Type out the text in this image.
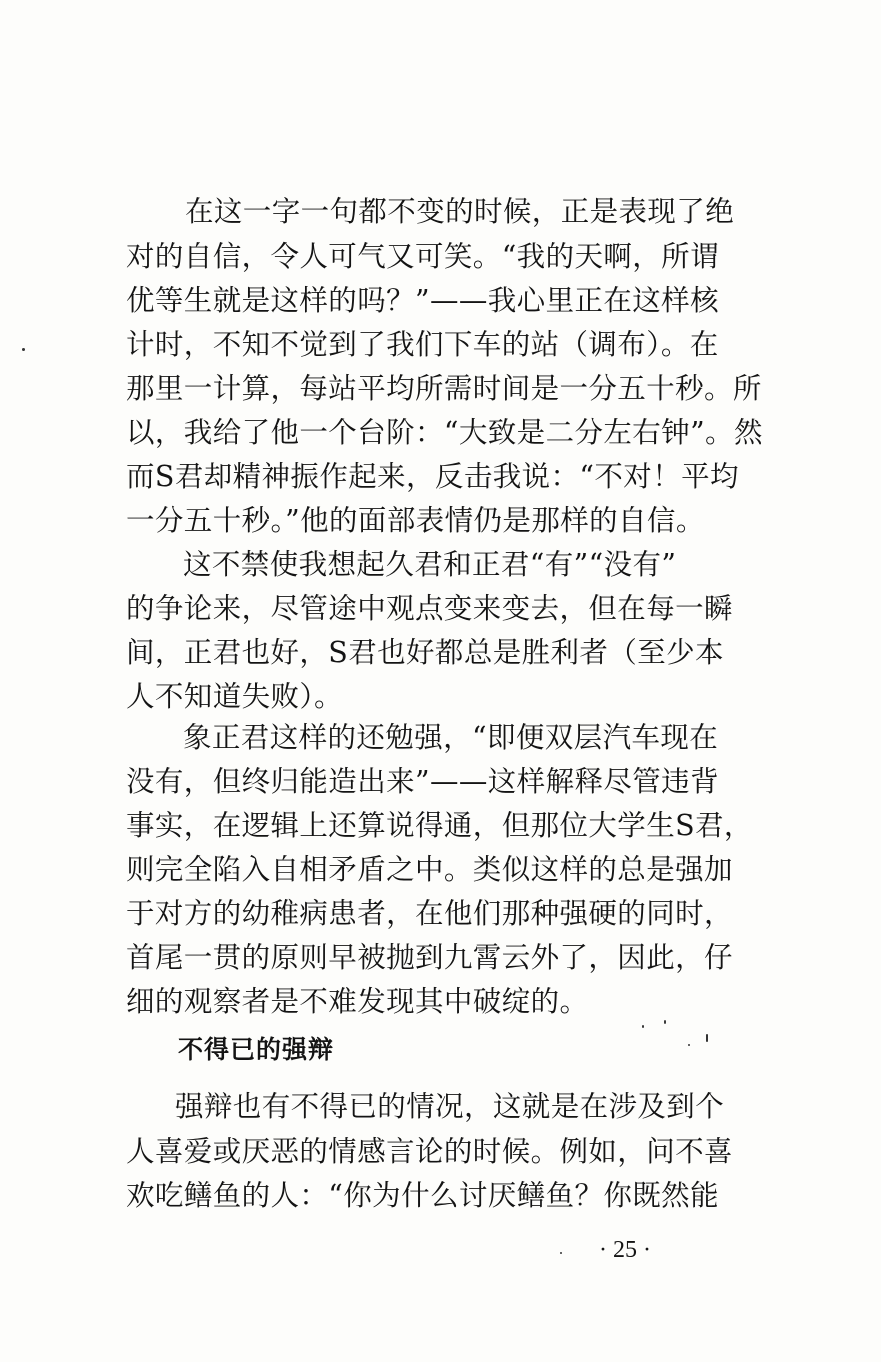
在这一字一句都不变的时候，正是表现了绝
对的自信，令人可气又可笑。“我的天啊，所谓
优等生就是这样的吗？”——我心里正在这样核
计时，不知不觉到了我们下车的站（调布）。在
那里一计算，每站平均所需时间是一分五十秒。所
以，我给了他一个台阶：“大致是二分左右钟”。然
而S君却精神振作起来，反击我说：“不对！平均
一分五十秒。”他的面部表情仍是那样的自信。
这不禁使我想起久君和正君“有”“没有”
的争论来，尽管途中观点变来变去，但在每一瞬
间，正君也好，S君也好都总是胜利者（至少本
人不知道失败）。
象正君这样的还勉强，“即便双层汽车现在
没有，但终归能造出来”——这样解释尽管违背
事实，在逻辑上还算说得通，但那位大学生S君，
则完全陷入自相矛盾之中。类似这样的总是强加
于对方的幼稚病患者，在他们那种强硬的同时，
首尾一贯的原则早被抛到九霄云外了，因此，仔
细的观察者是不难发现其中破绽的。
不得已的强辩
强辩也有不得已的情况，这就是在涉及到个
人喜爱或厌恶的情感言论的时候。例如，问不喜
欢吃鳝鱼的人：“你为什么讨厌鳝鱼？你既然能
· 25 ·
